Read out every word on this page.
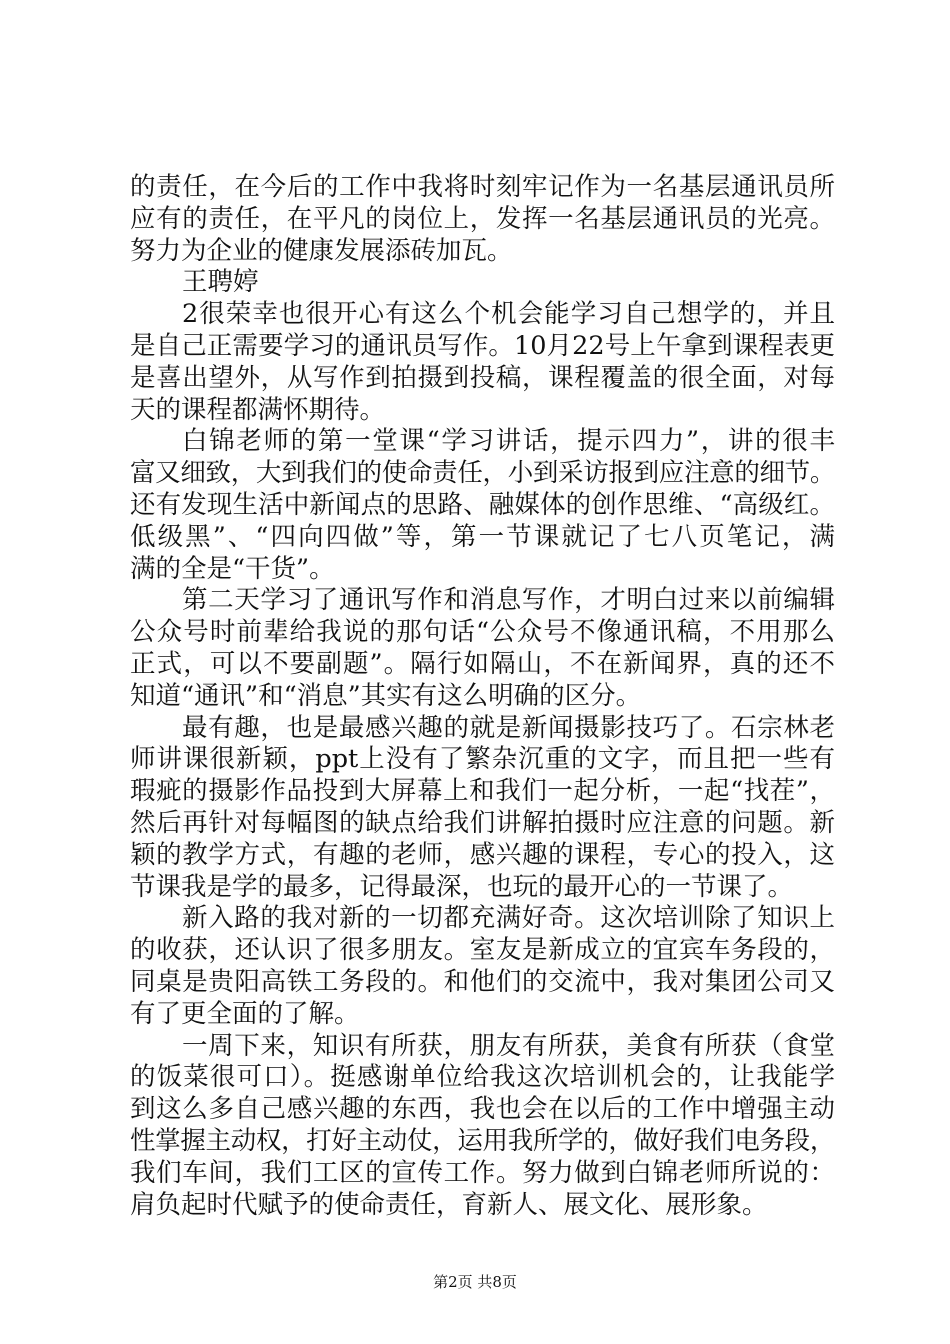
的责任，在今后的工作中我将时刻牢记作为一名基层通讯员所
应有的责任，在平凡的岗位上，发挥一名基层通讯员的光亮。
努力为企业的健康发展添砖加瓦。
王聘婷
2很荣幸也很开心有这么个机会能学习自己想学的，并且
是自己正需要学习的通讯员写作。10月22号上午拿到课程表更
是喜出望外，从写作到拍摄到投稿，课程覆盖的很全面，对每
天的课程都满怀期待。
白锦老师的第一堂课“学习讲话，提示四力”，讲的很丰
富又细致，大到我们的使命责任，小到采访报到应注意的细节。
还有发现生活中新闻点的思路、融媒体的创作思维、“高级红。
低级黑”、“四向四做”等，第一节课就记了七八页笔记，满
满的全是“干货”。
第二天学习了通讯写作和消息写作，才明白过来以前编辑
公众号时前辈给我说的那句话“公众号不像通讯稿，不用那么
正式，可以不要副题”。隔行如隔山，不在新闻界，真的还不
知道“通讯”和“消息”其实有这么明确的区分。
最有趣，也是最感兴趣的就是新闻摄影技巧了。石宗林老
师讲课很新颖，ppt上没有了繁杂沉重的文字，而且把一些有
瑕疵的摄影作品投到大屏幕上和我们一起分析，一起“找茬”，
然后再针对每幅图的缺点给我们讲解拍摄时应注意的问题。新
颖的教学方式，有趣的老师，感兴趣的课程，专心的投入，这
节课我是学的最多，记得最深，也玩的最开心的一节课了。
新入路的我对新的一切都充满好奇。这次培训除了知识上
的收获，还认识了很多朋友。室友是新成立的宜宾车务段的，
同桌是贵阳高铁工务段的。和他们的交流中，我对集团公司又
有了更全面的了解。
一周下来，知识有所获，朋友有所获，美食有所获（食堂
的饭菜很可口）。挺感谢单位给我这次培训机会的，让我能学
到这么多自己感兴趣的东西，我也会在以后的工作中增强主动
性掌握主动权，打好主动仗，运用我所学的，做好我们电务段，
我们车间，我们工区的宣传工作。努力做到白锦老师所说的：
肩负起时代赋予的使命责任，育新人、展文化、展形象。
第2页 共8页
